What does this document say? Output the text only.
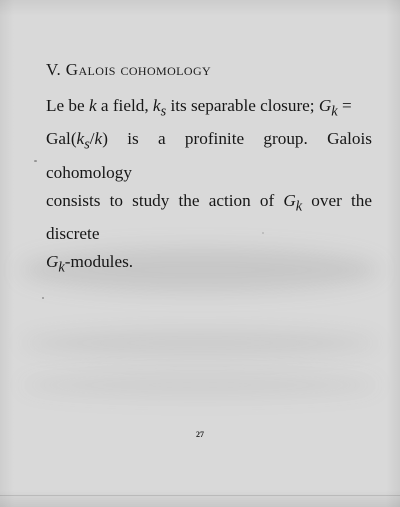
V. Galois cohomology
Le be k a field, $k_s$ its separable closure; $G_k$ =
$Gal(k_s/k)$ is a profinite group. Galois cohomology
consists to study the action of $G_k$ over the discrete
$G_k$-modules.
27
